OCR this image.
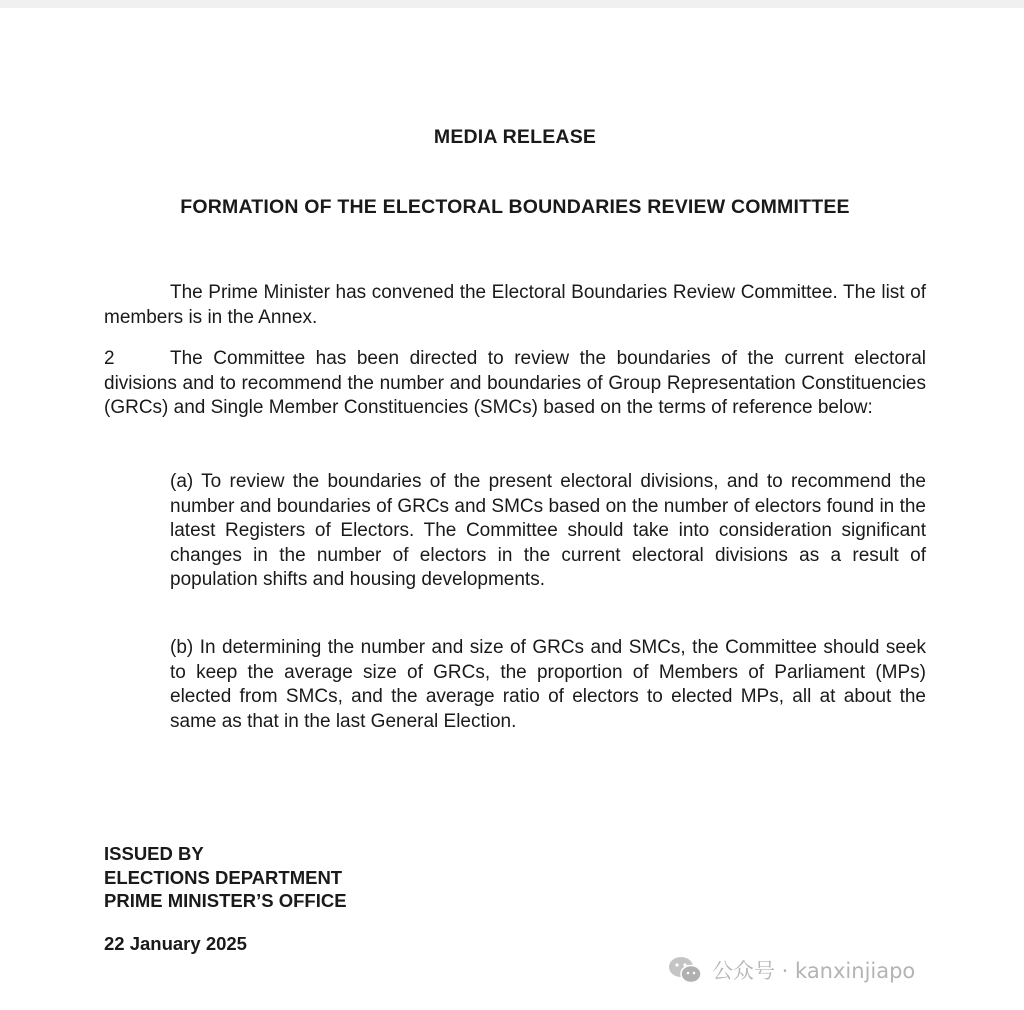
MEDIA RELEASE
FORMATION OF THE ELECTORAL BOUNDARIES REVIEW COMMITTEE
The Prime Minister has convened the Electoral Boundaries Review Committee. The list of members is in the Annex.
2	The Committee has been directed to review the boundaries of the current electoral divisions and to recommend the number and boundaries of Group Representation Constituencies (GRCs) and Single Member Constituencies (SMCs) based on the terms of reference below:
(a) To review the boundaries of the present electoral divisions, and to recommend the number and boundaries of GRCs and SMCs based on the number of electors found in the latest Registers of Electors. The Committee should take into consideration significant changes in the number of electors in the current electoral divisions as a result of population shifts and housing developments.
(b) In determining the number and size of GRCs and SMCs, the Committee should seek to keep the average size of GRCs, the proportion of Members of Parliament (MPs) elected from SMCs, and the average ratio of electors to elected MPs, all at about the same as that in the last General Election.
ISSUED BY
ELECTIONS DEPARTMENT
PRIME MINISTER’S OFFICE
22 January 2025
公众号 · kanxinjiapo
